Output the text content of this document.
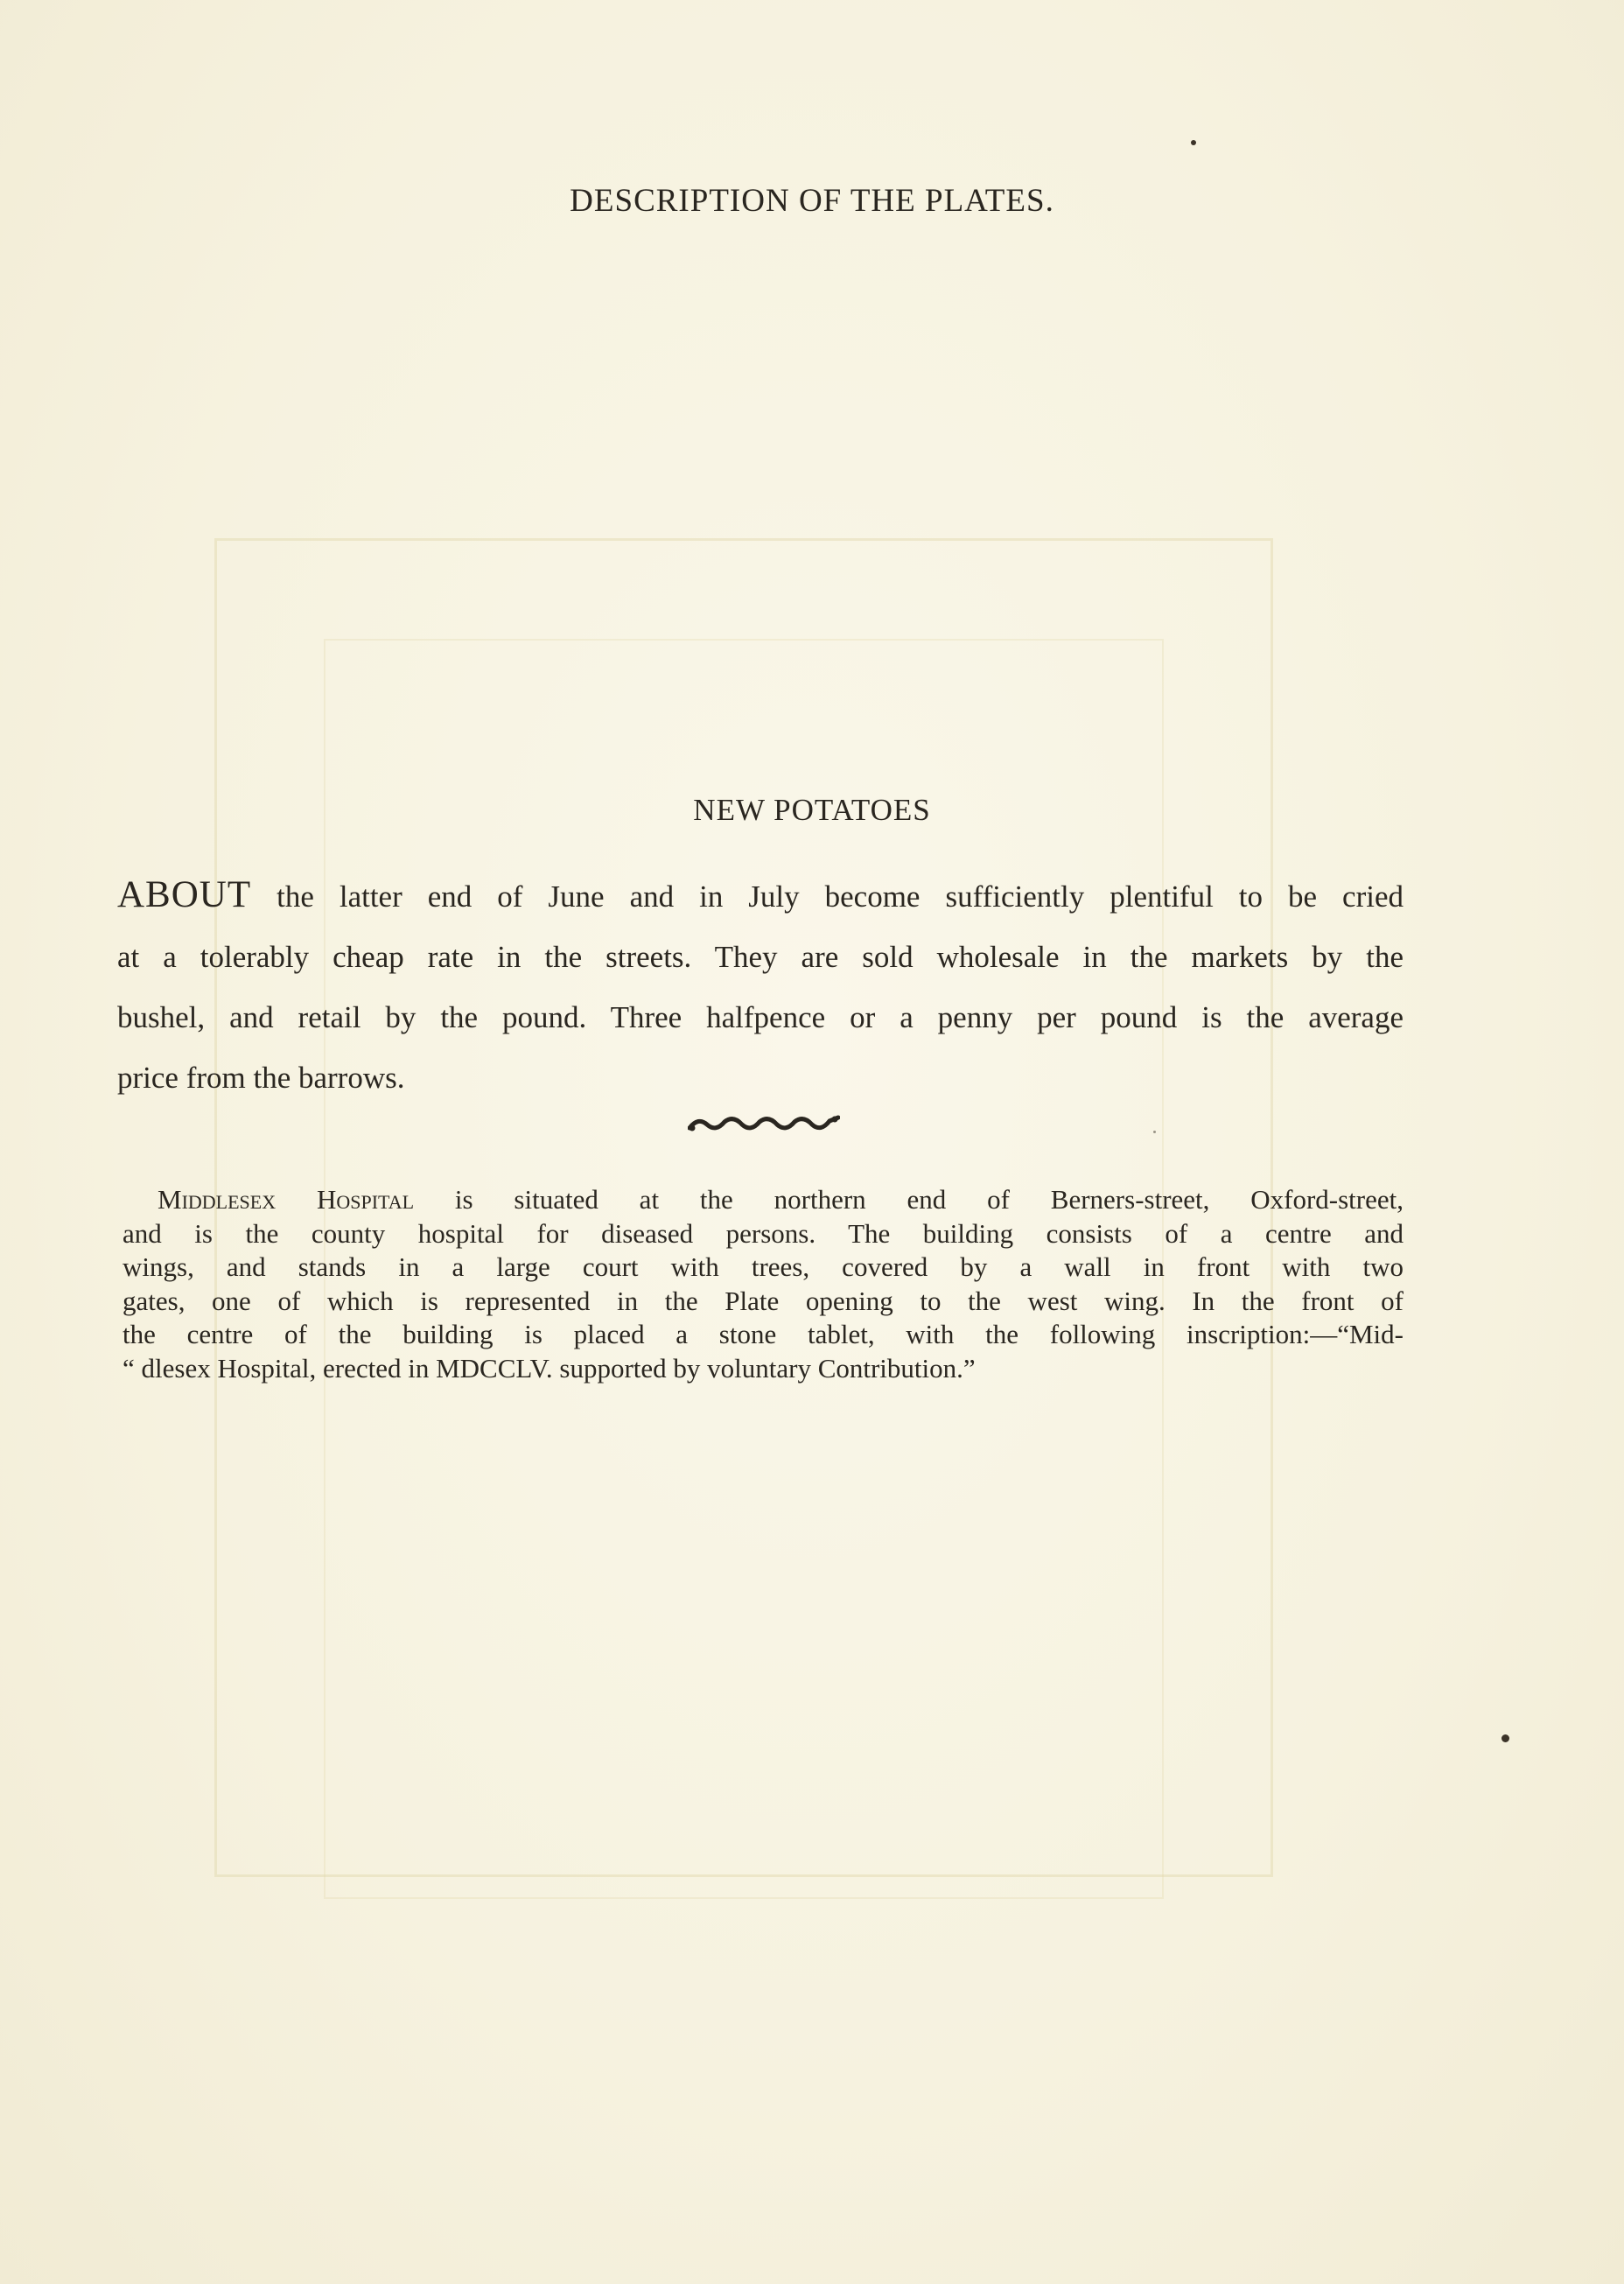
DESCRIPTION OF THE PLATES.
NEW POTATOES
ABOUT the latter end of June and in July become sufficiently plentiful to be cried
at a tolerably cheap rate in the streets. They are sold wholesale in the markets by the
bushel, and retail by the pound. Three halfpence or a penny per pound is the average
price from the barrows.
Middlesex Hospital is situated at the northern end of Berners-street, Oxford-street,
and is the county hospital for diseased persons. The building consists of a centre and
wings, and stands in a large court with trees, covered by a wall in front with two
gates, one of which is represented in the Plate opening to the west wing. In the front of
the centre of the building is placed a stone tablet, with the following inscription:—“Mid-
“ dlesex Hospital, erected in MDCCLV. supported by voluntary Contribution.”
